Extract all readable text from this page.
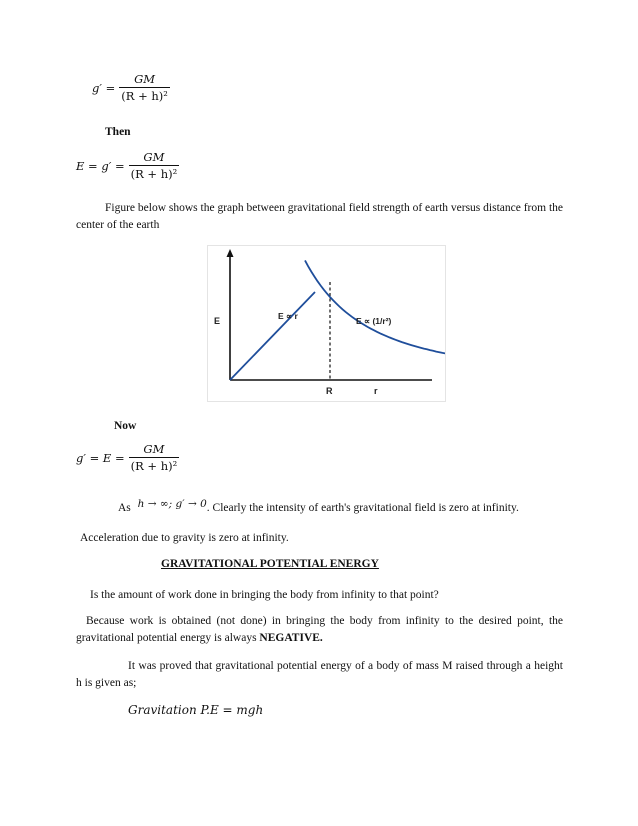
$g' = \frac{GM}{\text{(R + h)²}}$
Then
$E = g' = \frac{GM}{\text{(R + h)²}}$
Figure below shows the graph between gravitational field strength of earth versus distance from the center of the earth
E	E ∝ r	E ∝ (1/r²)
R	r
Now
$g' = E = \frac{GM}{\text{(R + h)²}}$
As h → ∞; g′ → 0. Clearly the intensity of earth's gravitational field is zero at infinity.
Acceleration due to gravity is zero at infinity.
GRAVITATIONAL POTENTIAL ENERGY
Is the amount of work done in bringing the body from infinity to that point?
Because work is obtained (not done) in bringing the body from infinity to the desired point, the gravitational potential energy is always NEGATIVE.
It was proved that gravitational potential energy of a body of mass M raised through a height h is given as;
Gravitation P.E = mgh
